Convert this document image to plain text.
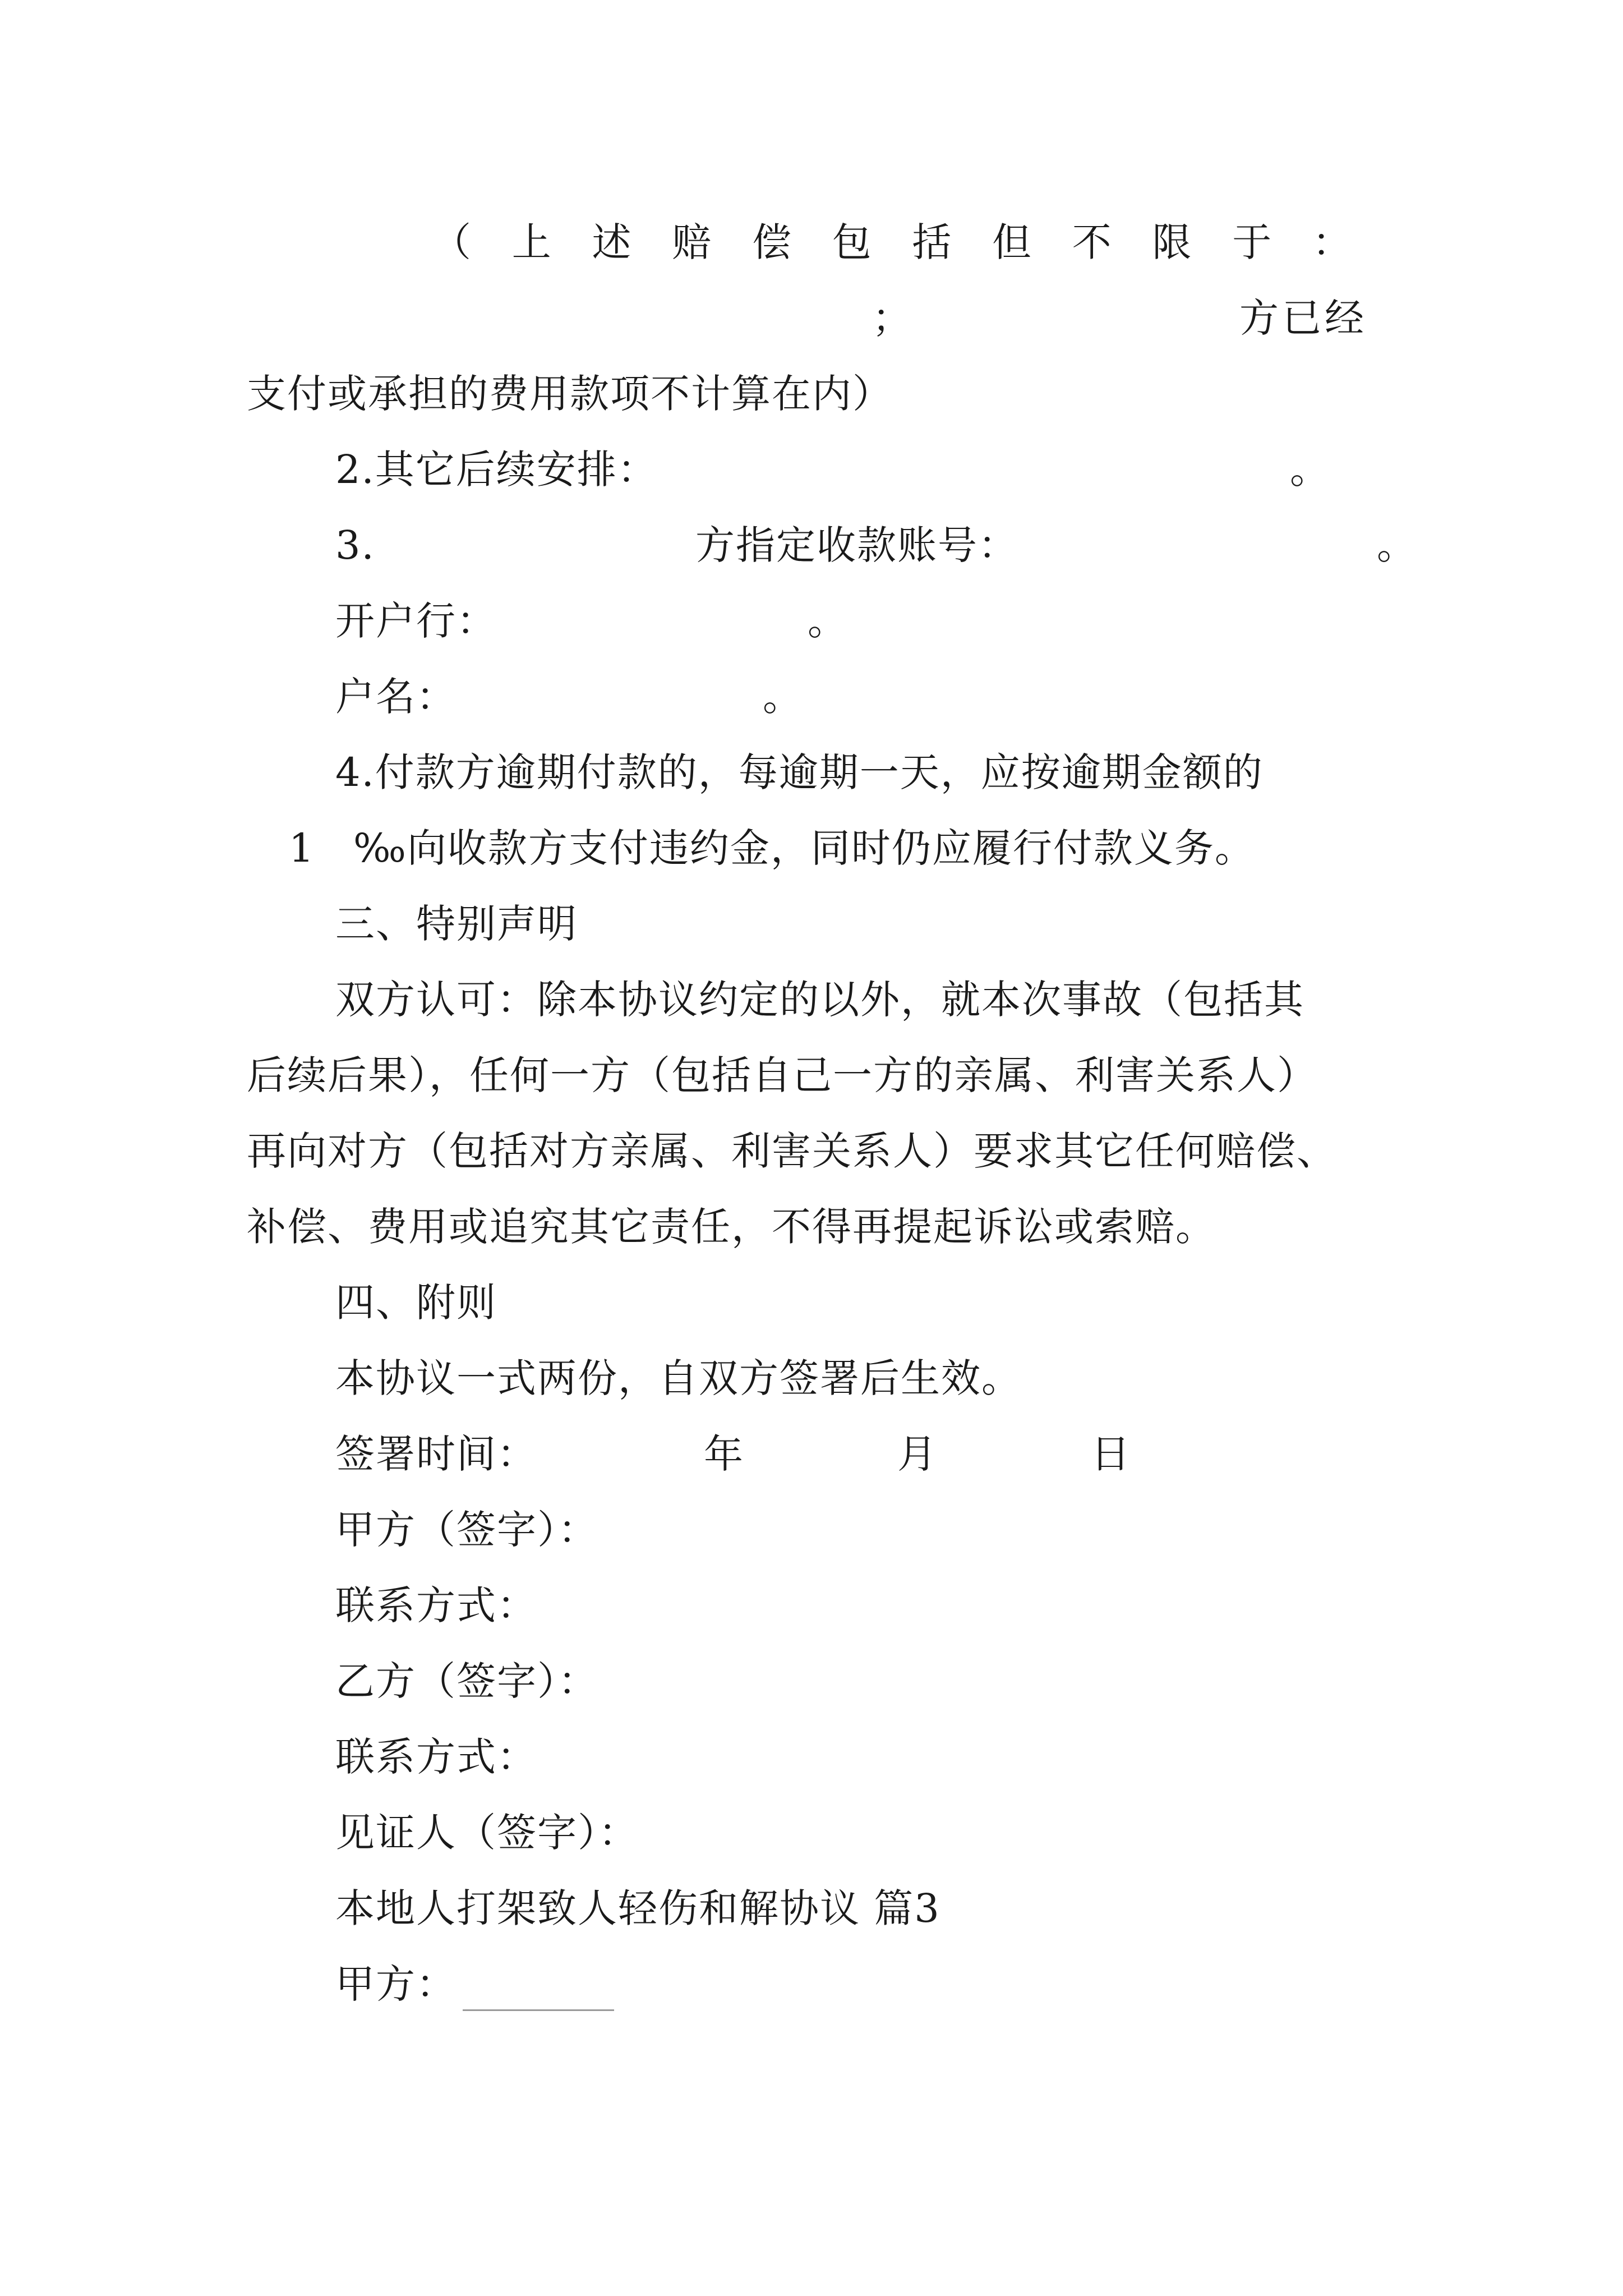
（ 上 述 赔 偿 包 括 但 不 限 于 ：
；	方已经
支付或承担的费用款项不计算在内）
2.其它后续安排：	。
3.	方指定收款账号：	。
开户行：	。
户名：	。
4.付款方逾期付款的，每逾期一天，应按逾期金额的
1 ‰向收款方支付违约金，同时仍应履行付款义务。
三、特别声明
双方认可：除本协议约定的以外，就本次事故（包括其
后续后果），任何一方（包括自己一方的亲属、利害关系人）
再向对方（包括对方亲属、利害关系人）要求其它任何赔偿、
补偿、费用或追究其它责任，不得再提起诉讼或索赔。
四、附则
本协议一式两份，自双方签署后生效。
签署时间：	年	月	日
甲方（签字）：
联系方式：
乙方（签字）：
联系方式：
见证人（签字）：
本地人打架致人轻伤和解协议 篇3
甲方：
